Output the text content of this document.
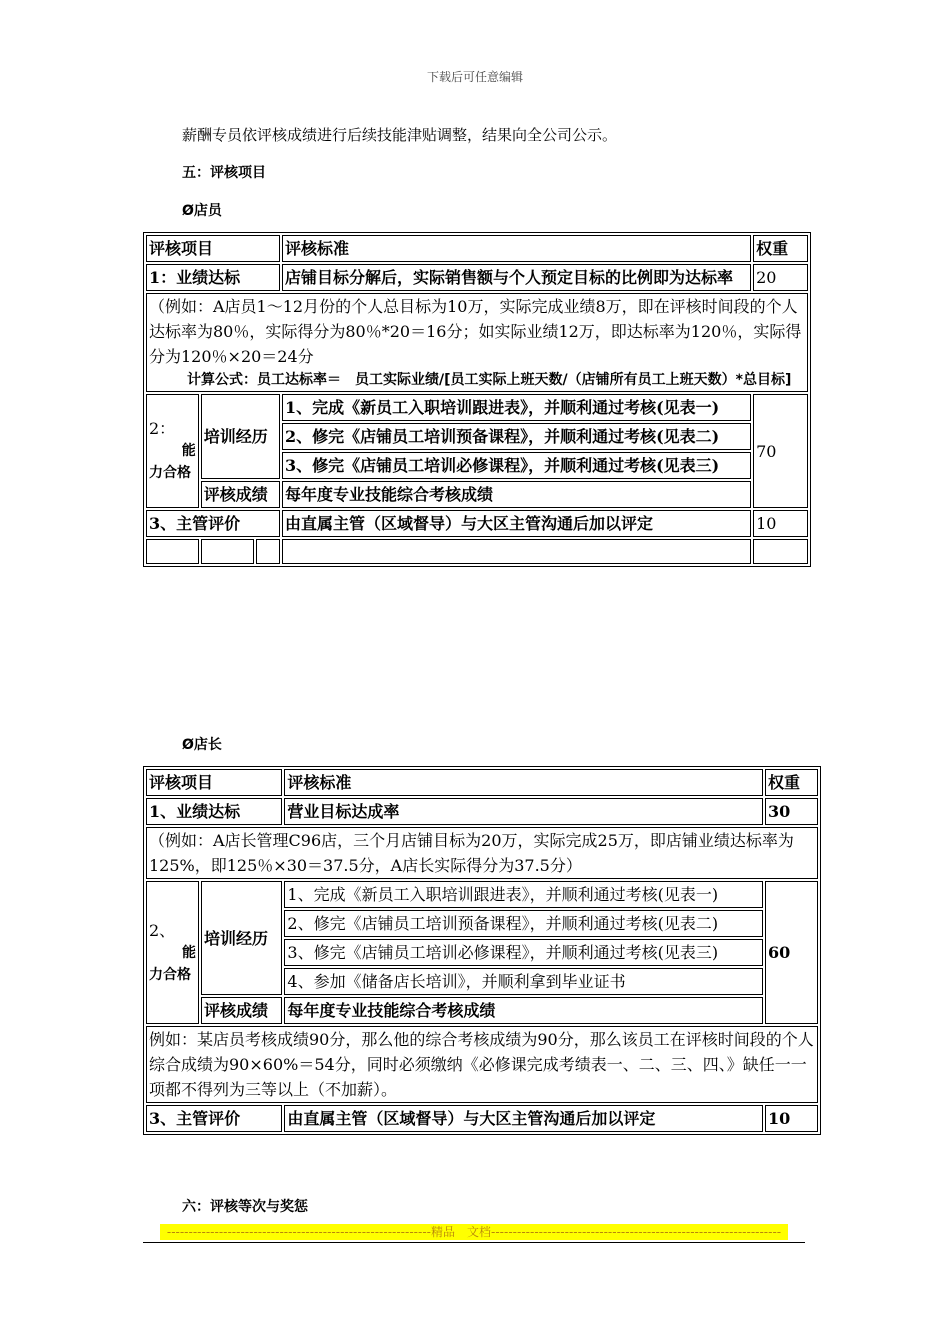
下载后可任意编辑
薪酬专员依评核成绩进行后续技能津贴调整，结果向全公司公示。
五：评核项目
Ø店员
评核项目			评核标准	权重
1：业绩达标			店铺目标分解后，实际销售额与个人预定目标的比例即为达标率	20

（例如：A店员1～12月份的个人总目标为10万，实际完成业绩8万，即在评核时间段的个人达标率为80％，实际得分为80％*20＝16分；如实际业绩12万，即达标率为120％，实际得分为120％×20＝24分
计算公式：员工达标率＝　员工实际业绩/[员工实际上班天数/（店铺所有员工上班天数）*总目标]				

2：
能
力合格	培训经历		1、完成《新员工入职培训跟进表》，并顺利通过考核(见表一)	70
			2、修完《店铺员工培训预备课程》，并顺利通过考核(见表二)	
			3、修完《店铺员工培训必修课程》，并顺利通过考核(见表三)	
	评核成绩		每年度专业技能综合考核成绩	
3、主管评价			由直属主管（区域督导）与大区主管沟通后加以评定	10

Ø店长
评核项目		评核标准	权重
1、业绩达标		营业目标达成率	30
（例如：A店长管理C96店，三个月店铺目标为20万，实际完成25万，即店铺业绩达标率为125%，即125％×30＝37.5分，A店长实际得分为37.5分）			

2、
能
力合格	培训经历	1、完成《新员工入职培训跟进表》，并顺利通过考核(见表一)	60
		2、修完《店铺员工培训预备课程》，并顺利通过考核(见表二)	
		3、修完《店铺员工培训必修课程》，并顺利通过考核(见表三)	
		4、参加《储备店长培训》，并顺利拿到毕业证书	
	评核成绩	每年度专业技能综合考核成绩	
例如：某店员考核成绩90分，那么他的综合考核成绩为90分，那么该员工在评核时间段的个人综合成绩为90×60%＝54分，同时必须缴纳《必修课完成考绩表一、二、三、四、》缺任一一项都不得列为三等以上（不加薪）。			
3、主管评价		由直属主管（区域督导）与大区主管沟通后加以评定	10
六：评核等次与奖惩
-------------------------------------------------------------精品　文档-------------------------------------------------------------------
